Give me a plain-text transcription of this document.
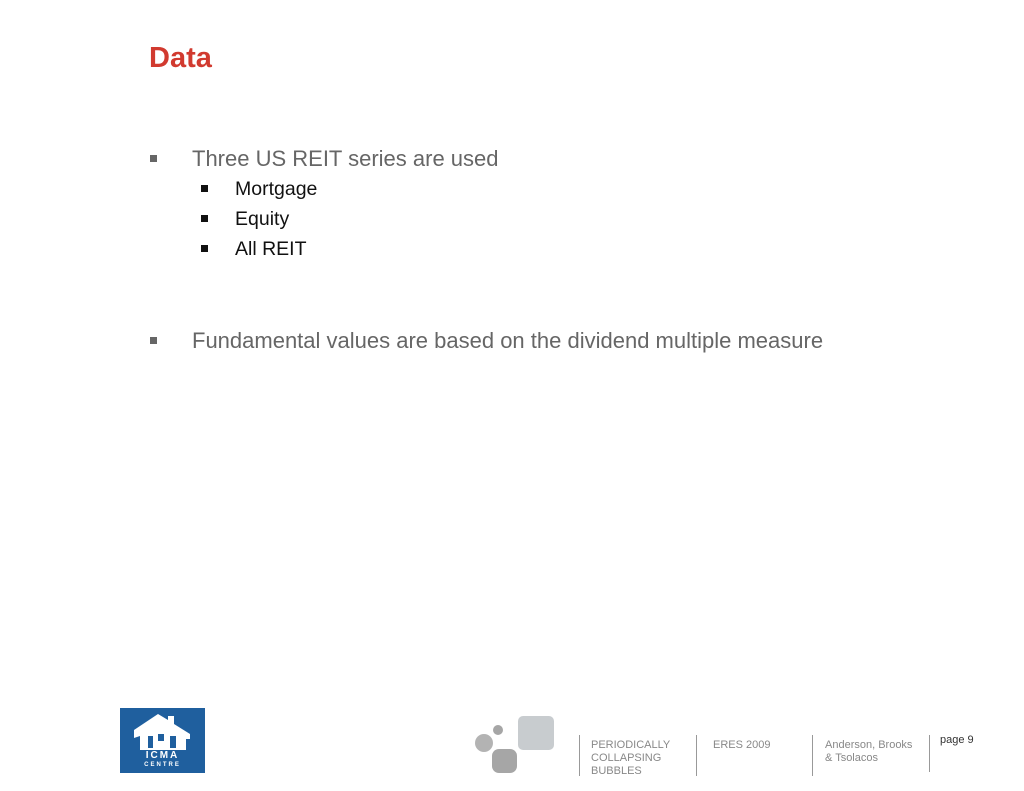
Data
Three US REIT series are used
Mortgage
Equity
All REIT
Fundamental values are based on the dividend multiple measure
ICMA
CENTRE
PERIODICALLY
COLLAPSING
BUBBLES
ERES 2009	Anderson, Brooks
& Tsolacos
page 9
